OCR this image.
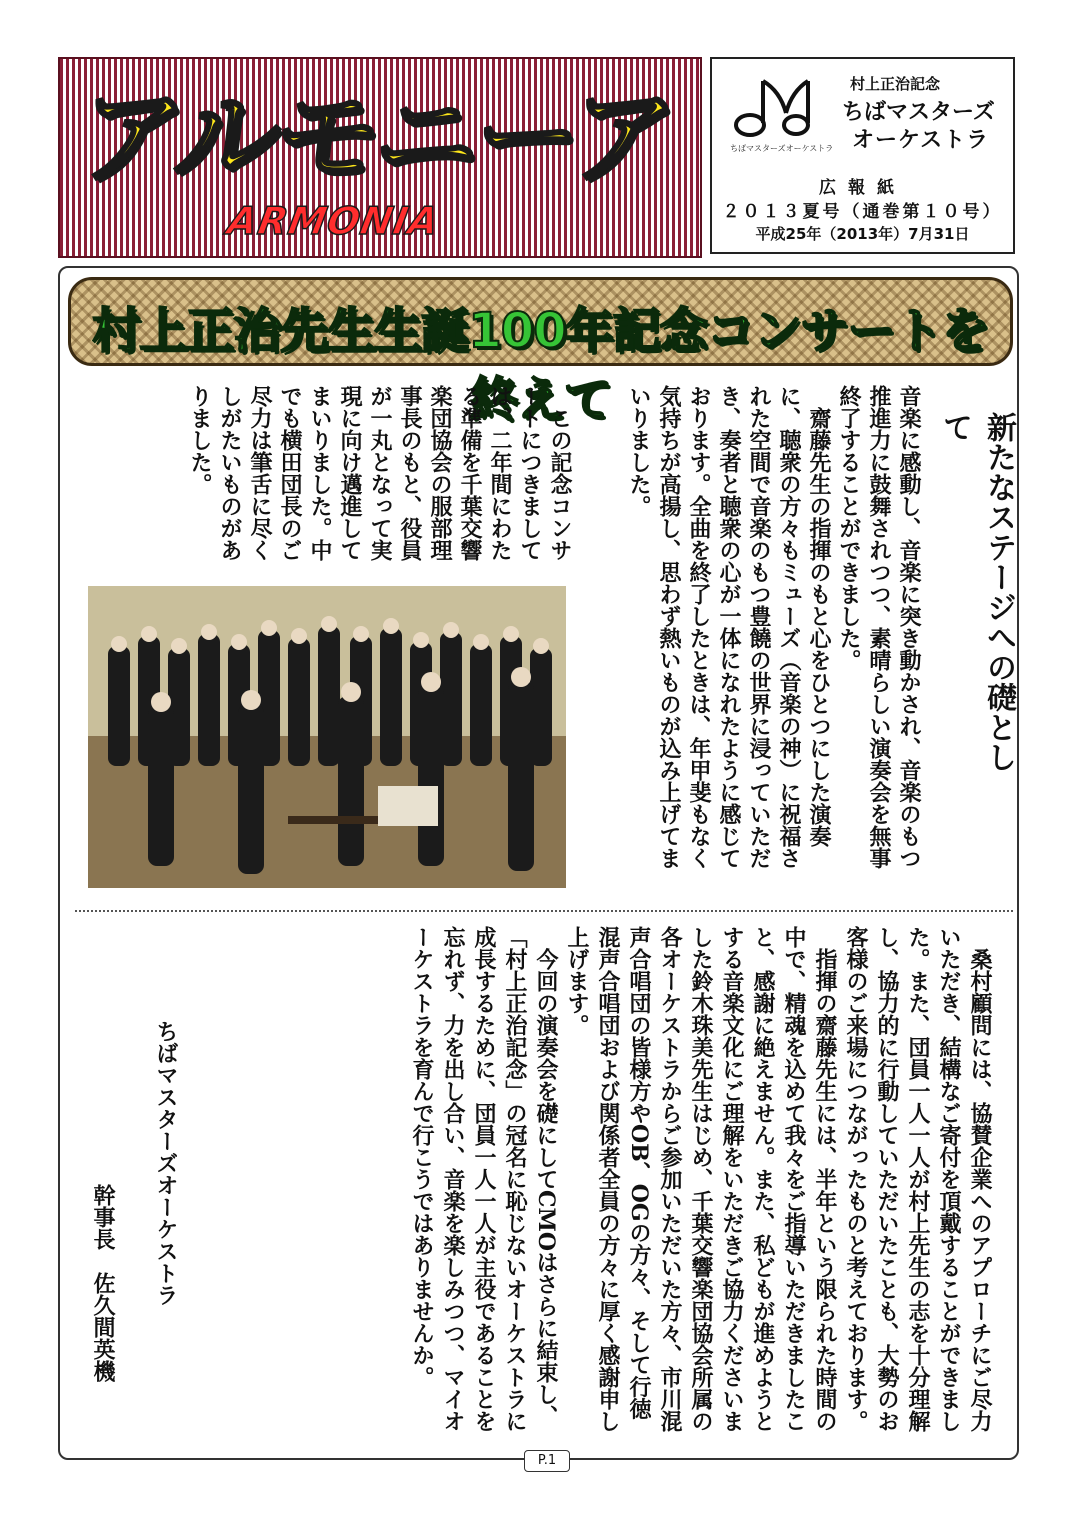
アルモニーア
ARMONIA
ちばマスターズオーケストラ
村上正治記念
ちばマスターズ
オーケストラ
広報紙
２０１３夏号（通巻第１０号）
平成25年（2013年）7月31日
村上正治先生生誕100年記念コンサートを終えて
新たなステージへの礎として
音楽に感動し、音楽に突き動かされ、音楽のもつ推進力に鼓舞されつつ、素晴らしい演奏会を無事終了することができました。
　齋藤先生の指揮のもと心をひとつにした演奏に、聴衆の方々もミューズ（音楽の神）に祝福された空間で音楽のもつ豊饒の世界に浸っていただき、奏者と聴衆の心が一体になれたように感じております。全曲を終了したときは、年甲斐もなく気持ちが高揚し、思わず熱いものが込み上げてまいりました。
　この記念コンサートにつきましては、二年間にわたる準備を千葉交響楽団協会の服部理事長のもと、役員が一丸となって実現に向け邁進してまいりました。中でも横田団長のご尽力は筆舌に尽くしがたいものがありました。
　桑村顧問には、協賛企業へのアプローチにご尽力いただき、結構なご寄付を頂戴することができました。また、団員一人一人が村上先生の志を十分理解し、協力的に行動していただいたことも、大勢のお客様のご来場につながったものと考えております。
　指揮の齋藤先生には、半年という限られた時間の中で、精魂を込めて我々をご指導いただきましたこと、感謝に絶えません。また、私どもが進めようとする音楽文化にご理解をいただきご協力くださいました鈴木珠美先生はじめ、千葉交響楽団協会所属の各オーケストラからご参加いただいた方々、市川混声合唱団の皆様方やOB、OGの方々、そして行徳混声合唱団および関係者全員の方々に厚く感謝申し上げます。
　今回の演奏会を礎にしてCMOはさらに結束し、「村上正治記念」の冠名に恥じないオーケストラに成長するために、団員一人一人が主役であることを忘れず、力を出し合い、音楽を楽しみつつ、マイオーケストラを育んで行こうではありませんか。
ちばマスターズオーケストラ
幹事長　佐久間英機
P.1
